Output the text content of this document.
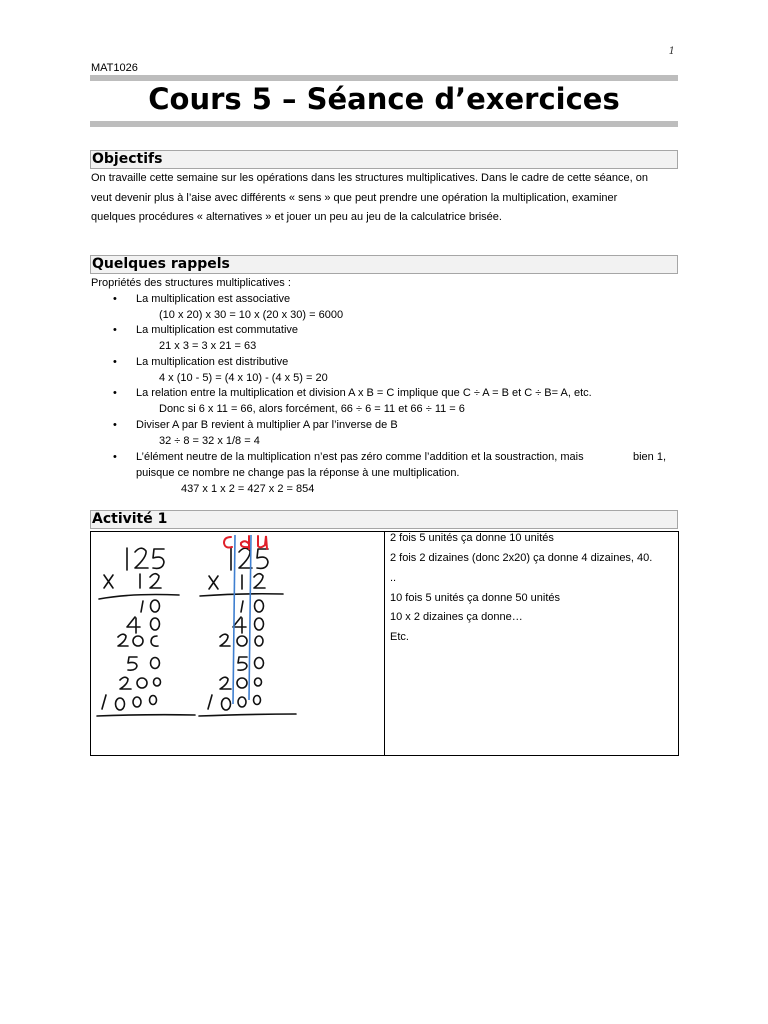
1
MAT1026
Cours 5 – Séance d’exercices
Objectifs
On travaille cette semaine sur les opérations dans les structures multiplicatives. Dans le cadre de cette séance, on
veut devenir plus à l’aise avec différents « sens » que peut prendre une opération la multiplication, examiner
quelques procédures « alternatives » et jouer un peu au jeu de la calculatrice brisée.
Quelques rappels
Propriétés des structures multiplicatives :
• La multiplication est associative
(10 x 20) x 30 = 10 x (20 x 30) = 6000
• La multiplication est commutative
21 x 3 = 3 x 21 = 63
• La multiplication est distributive
4 x (10 - 5) = (4 x 10) - (4 x 5) = 20
• La relation entre la multiplication et division A x B = C implique que C ÷ A = B et C ÷ B= A, etc.
Donc si 6 x 11 = 66, alors forcément, 66 ÷ 6 = 11 et 66 ÷ 11 = 6
• Diviser A par B revient à multiplier A par l’inverse de B
32 ÷ 8 = 32 x 1/8 = 4
• L’élément neutre de la multiplication n’est pas zéro comme l’addition et la soustraction, mais	bien 1,
puisque ce nombre ne change pas la réponse à une multiplication.
437 x 1 x 2 = 427 x 2 = 854
Activité 1
2 fois 5 unités ça donne 10 unités
2 fois 2 dizaines (donc 2x20) ça donne 4 dizaines, 40.
..
10 fois 5 unités ça donne 50 unités
10 x 2 dizaines ça donne…
Etc.
